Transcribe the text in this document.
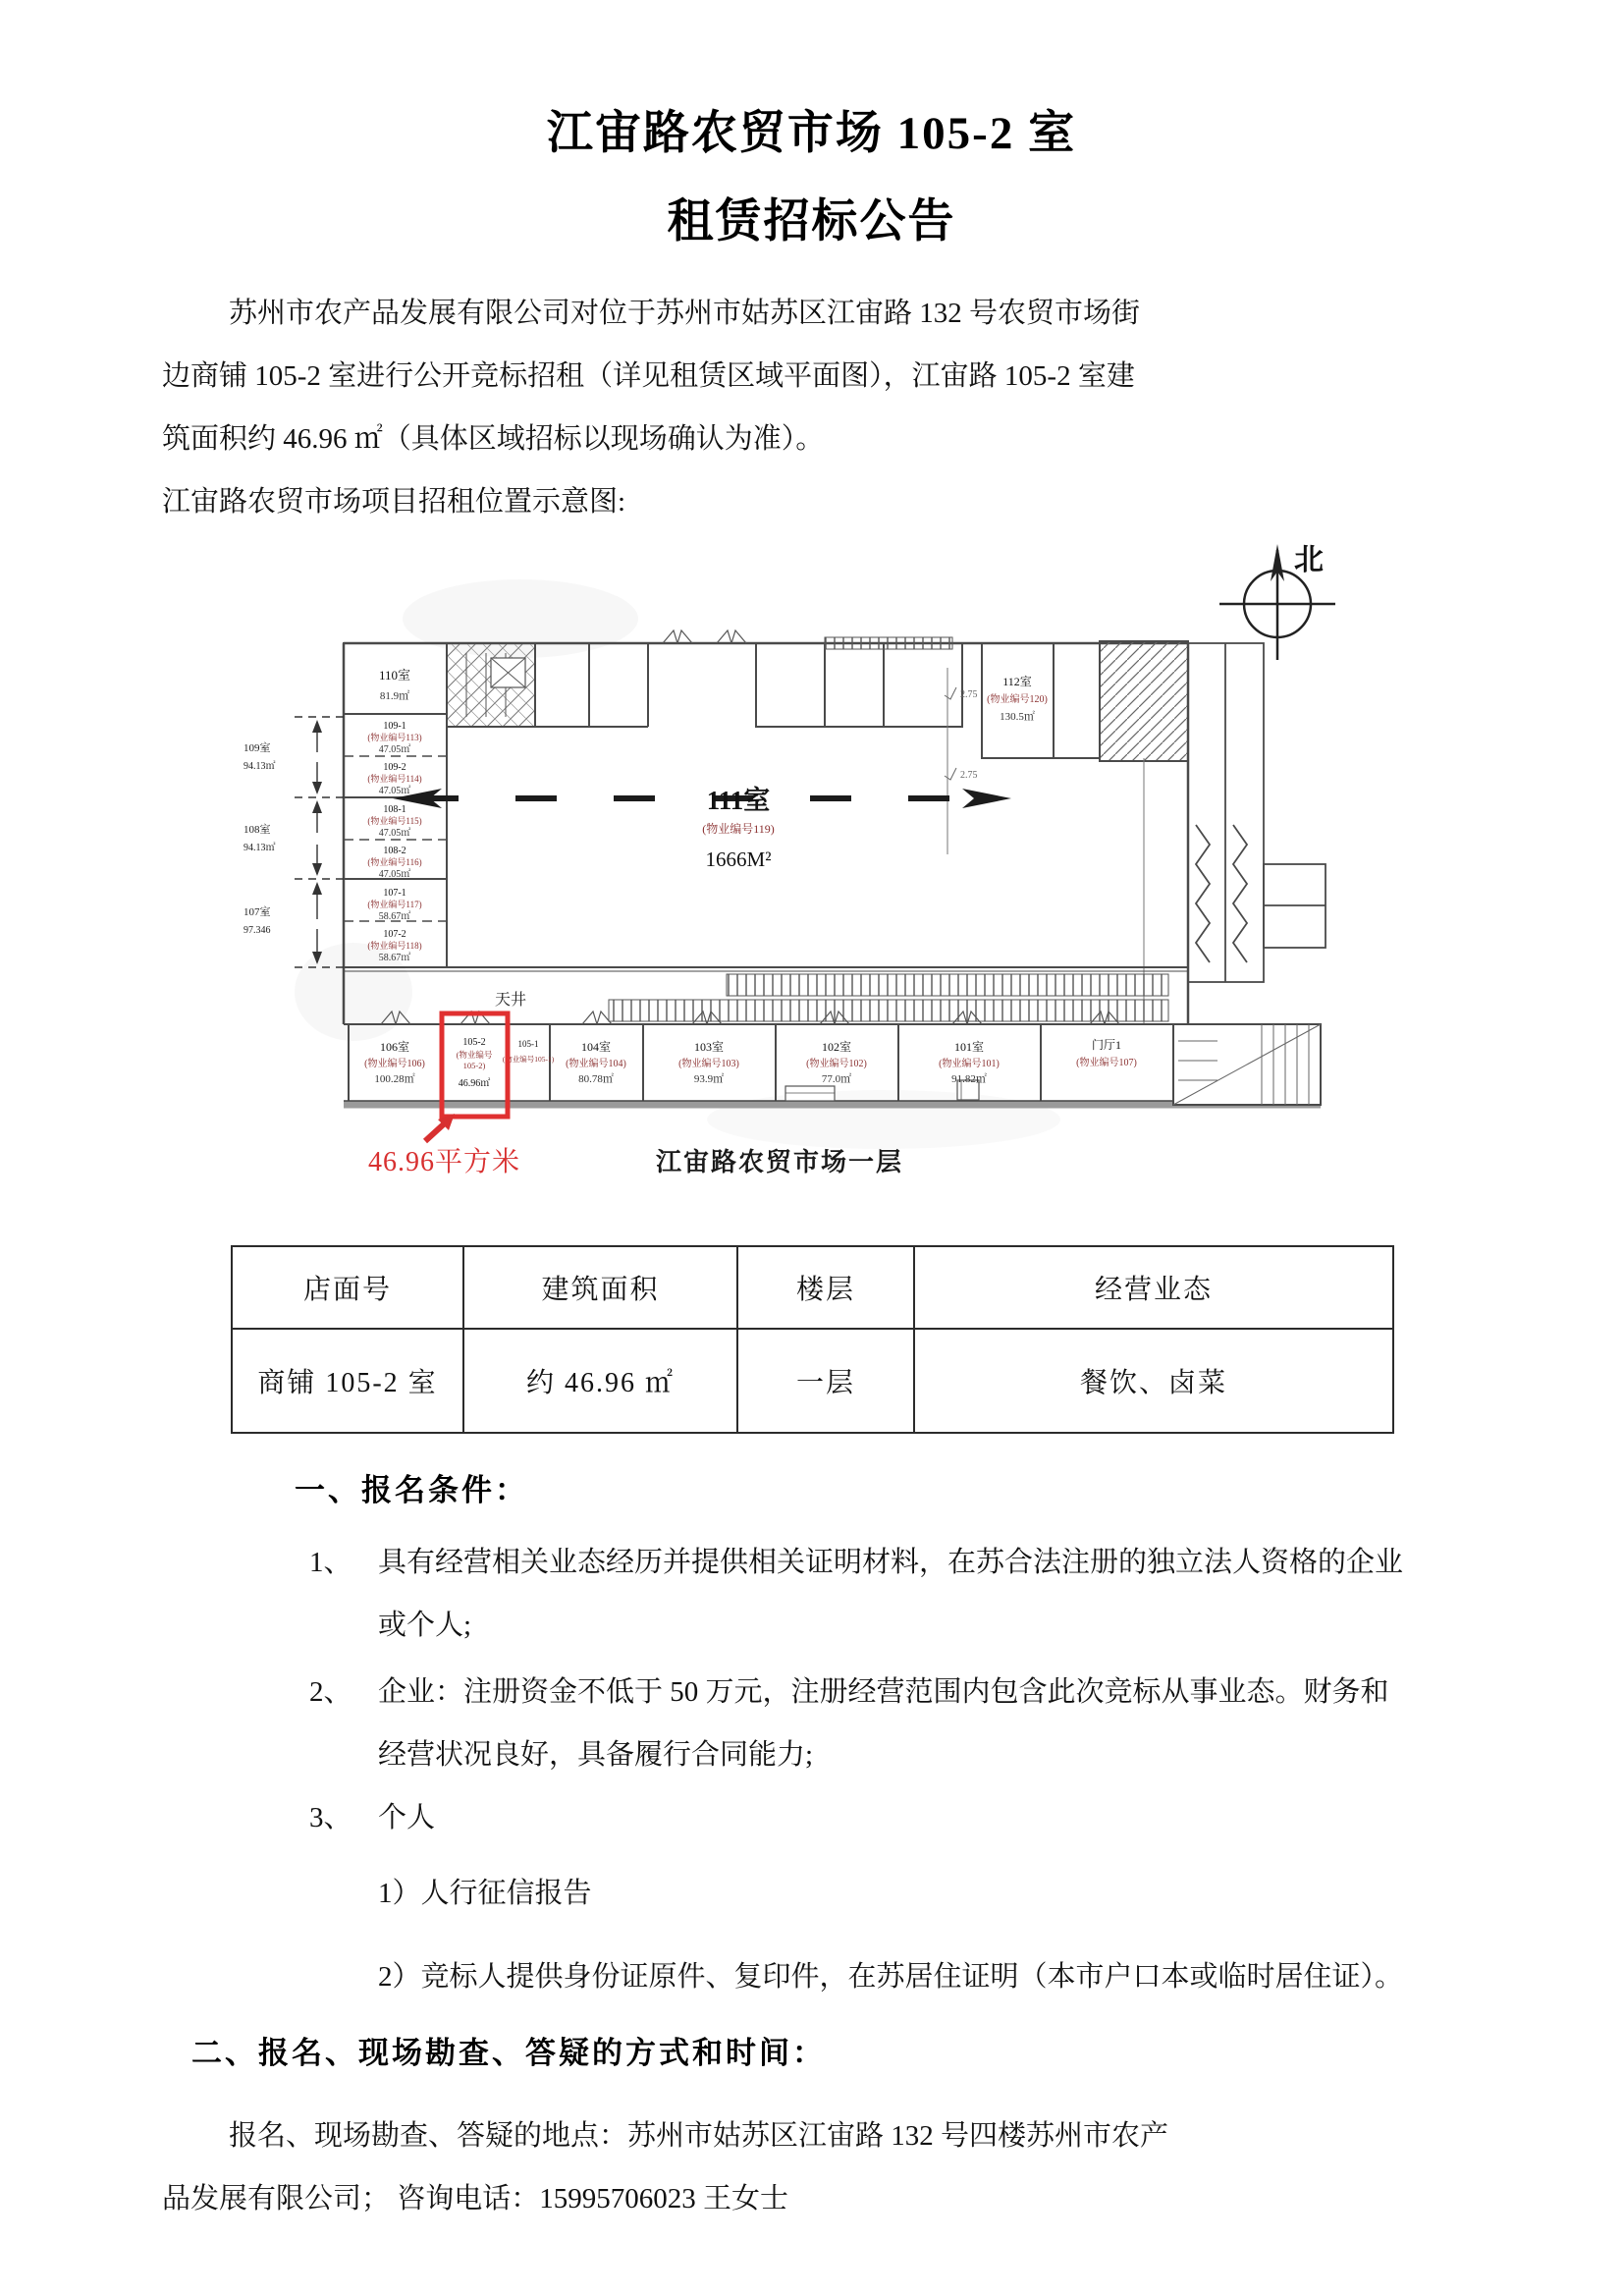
江宙路农贸市场 105-2 室
租赁招标公告
苏州市农产品发展有限公司对位于苏州市姑苏区江宙路 132 号农贸市场街
边商铺 105-2 室进行公开竞标招租（详见租赁区域平面图），江宙路 105-2 室建
筑面积约 46.96 ㎡（具体区域招标以现场确认为准）。
江宙路农贸市场项目招租位置示意图:
北
2.75
2.75
111室
(物业编号119)
1666M²
天井
109室
94.13㎡
108室
94.13㎡
107室
97.346
110室
81.9㎡
109-1
(物业编号113)
47.05㎡
109-2
(物业编号114)
47.05㎡
108-1
(物业编号115)
47.05㎡
108-2
(物业编号116)
47.05㎡
107-1
(物业编号117)
58.67㎡
107-2
(物业编号118)
58.67㎡
112室
(物业编号120)
130.5㎡
106室
(物业编号106)
100.28㎡
105-2
(物业编号
105-2)
46.96㎡
105-1
(物业编号105-1)
104室
(物业编号104)
80.78㎡
103室
(物业编号103)
93.9㎡
102室
(物业编号102)
77.0㎡
101室
(物业编号101)
91.82㎡
门厅1
(物业编号107)
46.96平方米	江宙路农贸市场一层
店面号	建筑面积	楼层	经营业态
商铺 105-2 室	约 46.96 ㎡	一层	餐饮、卤菜
一、报名条件：
1、 具有经营相关业态经历并提供相关证明材料，在苏合法注册的独立法人资格的企业
或个人;
2、 企业：注册资金不低于 50 万元，注册经营范围内包含此次竞标从事业态。财务和
经营状况良好，具备履行合同能力;
3、 个人
1）人行征信报告
2）竞标人提供身份证原件、复印件，在苏居住证明（本市户口本或临时居住证）。
二、报名、现场勘查、答疑的方式和时间：
报名、现场勘查、答疑的地点：苏州市姑苏区江宙路 132 号四楼苏州市农产
品发展有限公司； 咨询电话：15995706023 王女士
